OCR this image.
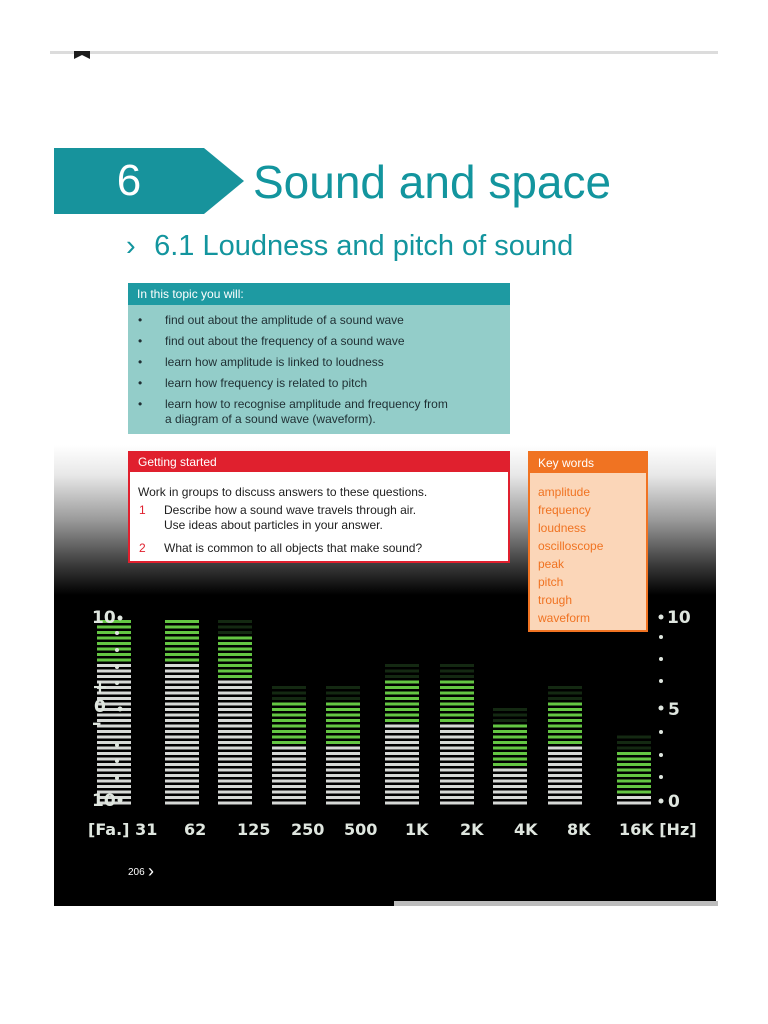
6	Sound and space
› 6.1 Loudness and pitch of sound
In this topic you will:
• find out about the amplitude of a sound wave
• find out about the frequency of a sound wave
• learn how amplitude is linked to loudness
• learn how frequency is related to pitch
• learn how to recognise amplitude and frequency from
a diagram of a sound wave (waveform).
10
+
0
–
10
10
5
0
[Fa.] 31 62 125 250 500 1K 2K 4K 8K 16K [Hz]
Getting started
Work in groups to discuss answers to these questions.
1 Describe how a sound wave travels through air.
Use ideas about particles in your answer.
2 What is common to all objects that make sound?
Key words
amplitude
frequency
loudness
oscilloscope
peak
pitch
trough
waveform
206 ›
